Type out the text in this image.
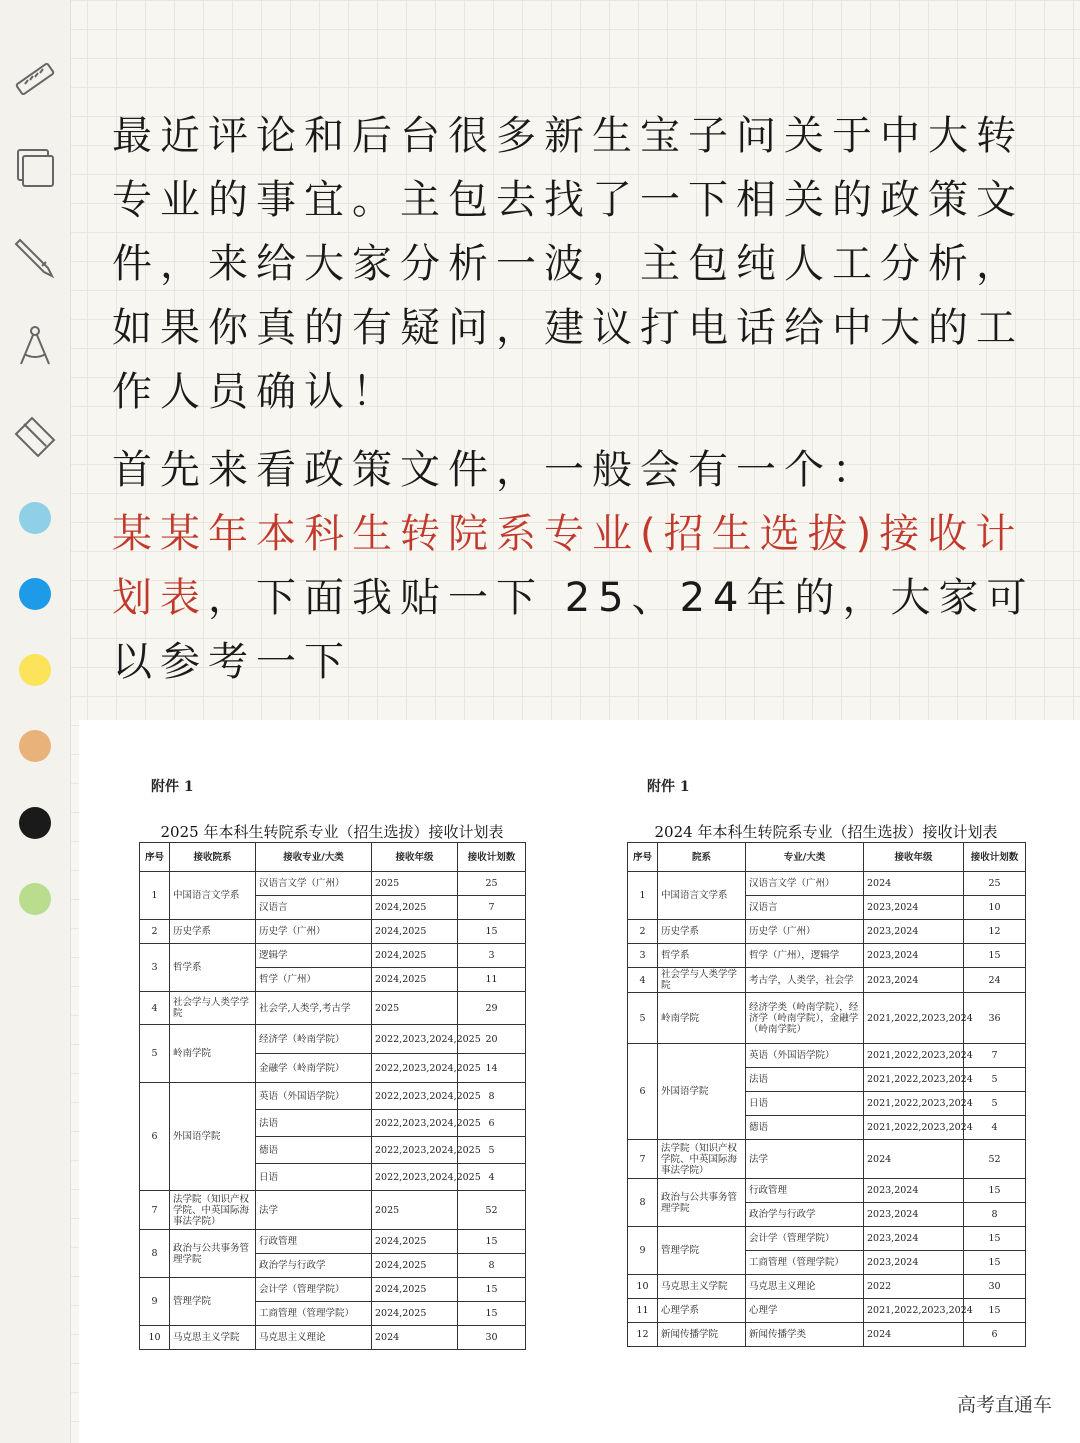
最近评论和后台很多新生宝子问关于中大转专业的事宜。主包去找了一下相关的政策文件，来给大家分析一波，主包纯人工分析，如果你真的有疑问，建议打电话给中大的工作人员确认！

首先来看政策文件，一般会有一个：
某某年本科生转院系专业(招生选拔)接收计划表，下面我贴一下 25、24年的，大家可以参考一下

附件 1
2025 年本科生转院系专业（招生选拔）接收计划表
序号	接收院系	接收专业/大类	接收年级	接收计划数
1	中国语言文学系	汉语言文学（广州）	2025	25
		汉语言	2024,2025	7
2	历史学系	历史学（广州）	2024,2025	15
3	哲学系	逻辑学	2024,2025	3
		哲学（广州）	2024,2025	11
4	社会学与人类学学院	社会学,人类学,考古学	2025	29
5	岭南学院	经济学（岭南学院）	2022,2023,2024,2025	20
		金融学（岭南学院）	2022,2023,2024,2025	14
6	外国语学院	英语（外国语学院）	2022,2023,2024,2025	8
		法语	2022,2023,2024,2025	6
		德语	2022,2023,2024,2025	5
		日语	2022,2023,2024,2025	4
7	法学院（知识产权学院、中英国际海事法学院）	法学	2025	52
8	政治与公共事务管理学院	行政管理	2024,2025	15
		政治学与行政学	2024,2025	8
9	管理学院	会计学（管理学院）	2024,2025	15
		工商管理（管理学院）	2024,2025	15
10	马克思主义学院	马克思主义理论	2024	30
附件 1
2024 年本科生转院系专业（招生选拔）接收计划表
序号	院系	专业/大类	接收年级	接收计划数
1	中国语言文学系	汉语言文学（广州）	2024	25
		汉语言	2023,2024	10
2	历史学系	历史学（广州）	2023,2024	12
3	哲学系	哲学（广州），逻辑学	2023,2024	15
4	社会学与人类学学院	考古学，人类学，社会学	2023,2024	24
5	岭南学院	经济学类（岭南学院），经济学（岭南学院），金融学（岭南学院）	2021,2022,2023,2024	36
6	外国语学院	英语（外国语学院）	2021,2022,2023,2024	7
		法语	2021,2022,2023,2024	5
		日语	2021,2022,2023,2024	5
		德语	2021,2022,2023,2024	4
7	法学院（知识产权学院、中英国际海事法学院）	法学	2024	52
8	政治与公共事务管理学院	行政管理	2023,2024	15
		政治学与行政学	2023,2024	8
9	管理学院	会计学（管理学院）	2023,2024	15
		工商管理（管理学院）	2023,2024	15
10	马克思主义学院	马克思主义理论	2022	30
11	心理学系	心理学	2021,2022,2023,2024	15
12	新闻传播学院	新闻传播学类	2024	6
高考直通车
